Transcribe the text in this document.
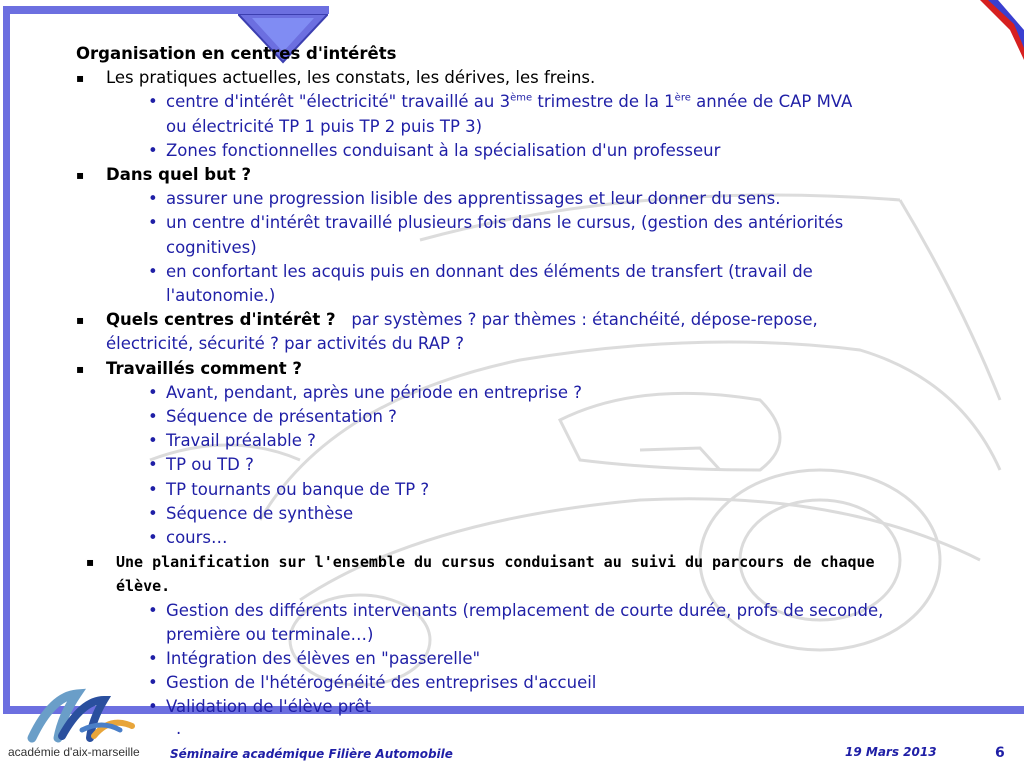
Organisation en centres d'intérêts
▪ Les pratiques actuelles, les constats, les dérives, les freins.
• centre d'intérêt "électricité" travaillé au 3ème trimestre de la 1ère année de CAP MVA
ou électricité TP 1 puis TP 2 puis TP 3)
• Zones fonctionnelles conduisant à la spécialisation d'un professeur
▪ Dans quel but ?
• assurer une progression lisible des apprentissages et leur donner du sens.
• un centre d'intérêt travaillé plusieurs fois dans le cursus, (gestion des antériorités
cognitives)
• en confortant les acquis puis en donnant des éléments de transfert (travail de
l'autonomie.)
▪ Quels centres d'intérêt ? par systèmes ? par thèmes : étanchéité, dépose-repose,
électricité, sécurité ? par activités du RAP ?
▪ Travaillés comment ?
• Avant, pendant, après une période en entreprise ?
• Séquence de présentation ?
• Travail préalable ?
• TP ou TD ?
• TP tournants ou banque de TP ?
• Séquence de synthèse
• cours…
▪ Une planification sur l'ensemble du cursus conduisant au suivi du parcours de chaque
élève.
• Gestion des différents intervenants (remplacement de courte durée, profs de seconde,
première ou terminale…)
• Intégration des élèves en "passerelle"
• Gestion de l'hétérogénéité des entreprises d'accueil
• Validation de l'élève prêt
.
académie d'aix-marseille	Séminaire académique Filière Automobile	19 Mars 2013	6
